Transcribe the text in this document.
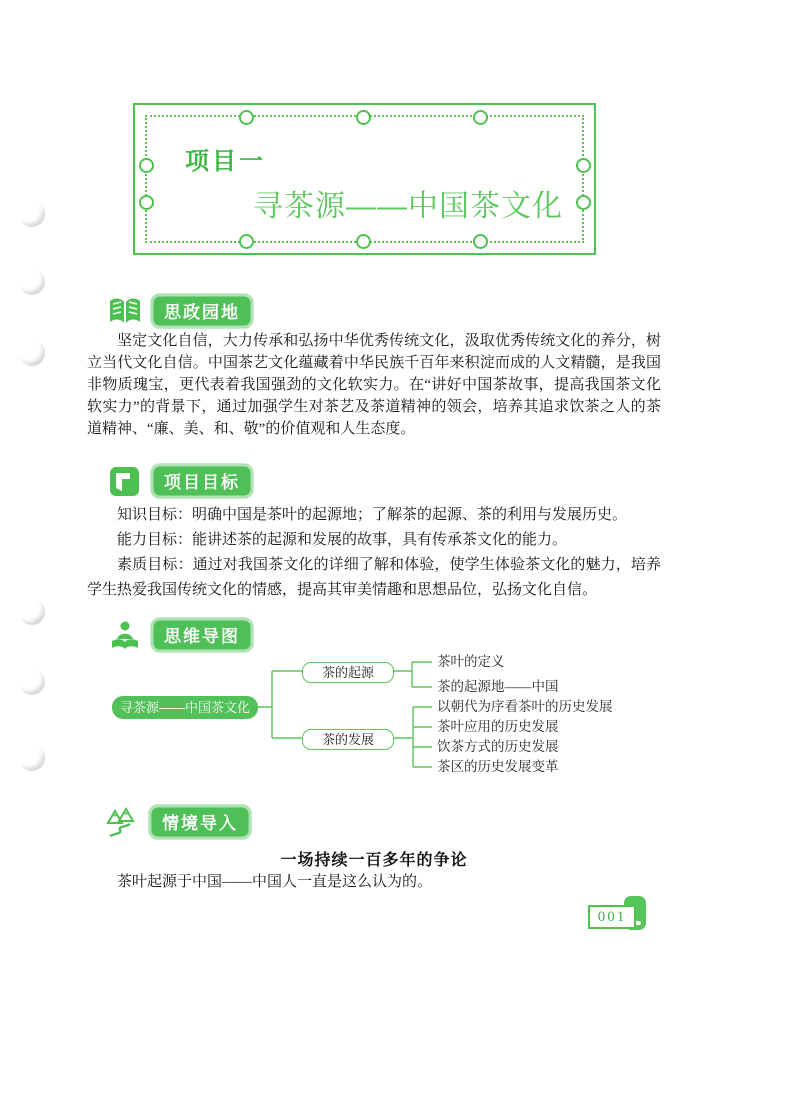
项目一
寻茶源——中国茶文化
思政园地
坚定文化自信，大力传承和弘扬中华优秀传统文化，汲取优秀传统文化的养分，树立当代文化自信。中国茶艺文化蕴藏着中华民族千百年来积淀而成的人文精髓，是我国非物质瑰宝，更代表着我国强劲的文化软实力。在“讲好中国茶故事，提高我国茶文化软实力”的背景下，通过加强学生对茶艺及茶道精神的领会，培养其追求饮茶之人的茶道精神、“廉、美、和、敬”的价值观和人生态度。
项目目标

知识目标：明确中国是茶叶的起源地；了解茶的起源、茶的利用与发展历史。

能力目标：能讲述茶的起源和发展的故事，具有传承茶文化的能力。

素质目标：通过对我国茶文化的详细了解和体验，使学生体验茶文化的魅力，培养学生热爱我国传统文化的情感，提高其审美情趣和思想品位，弘扬文化自信。

思维导图
寻茶源——中国茶文化
茶的起源
茶的发展
茶叶的定义
茶的起源地——中国
以朝代为序看茶叶的历史发展
茶叶应用的历史发展
饮茶方式的历史发展
茶区的历史发展变革
情境导入
一场持续一百多年的争论
茶叶起源于中国——中国人一直是这么认为的。
001
